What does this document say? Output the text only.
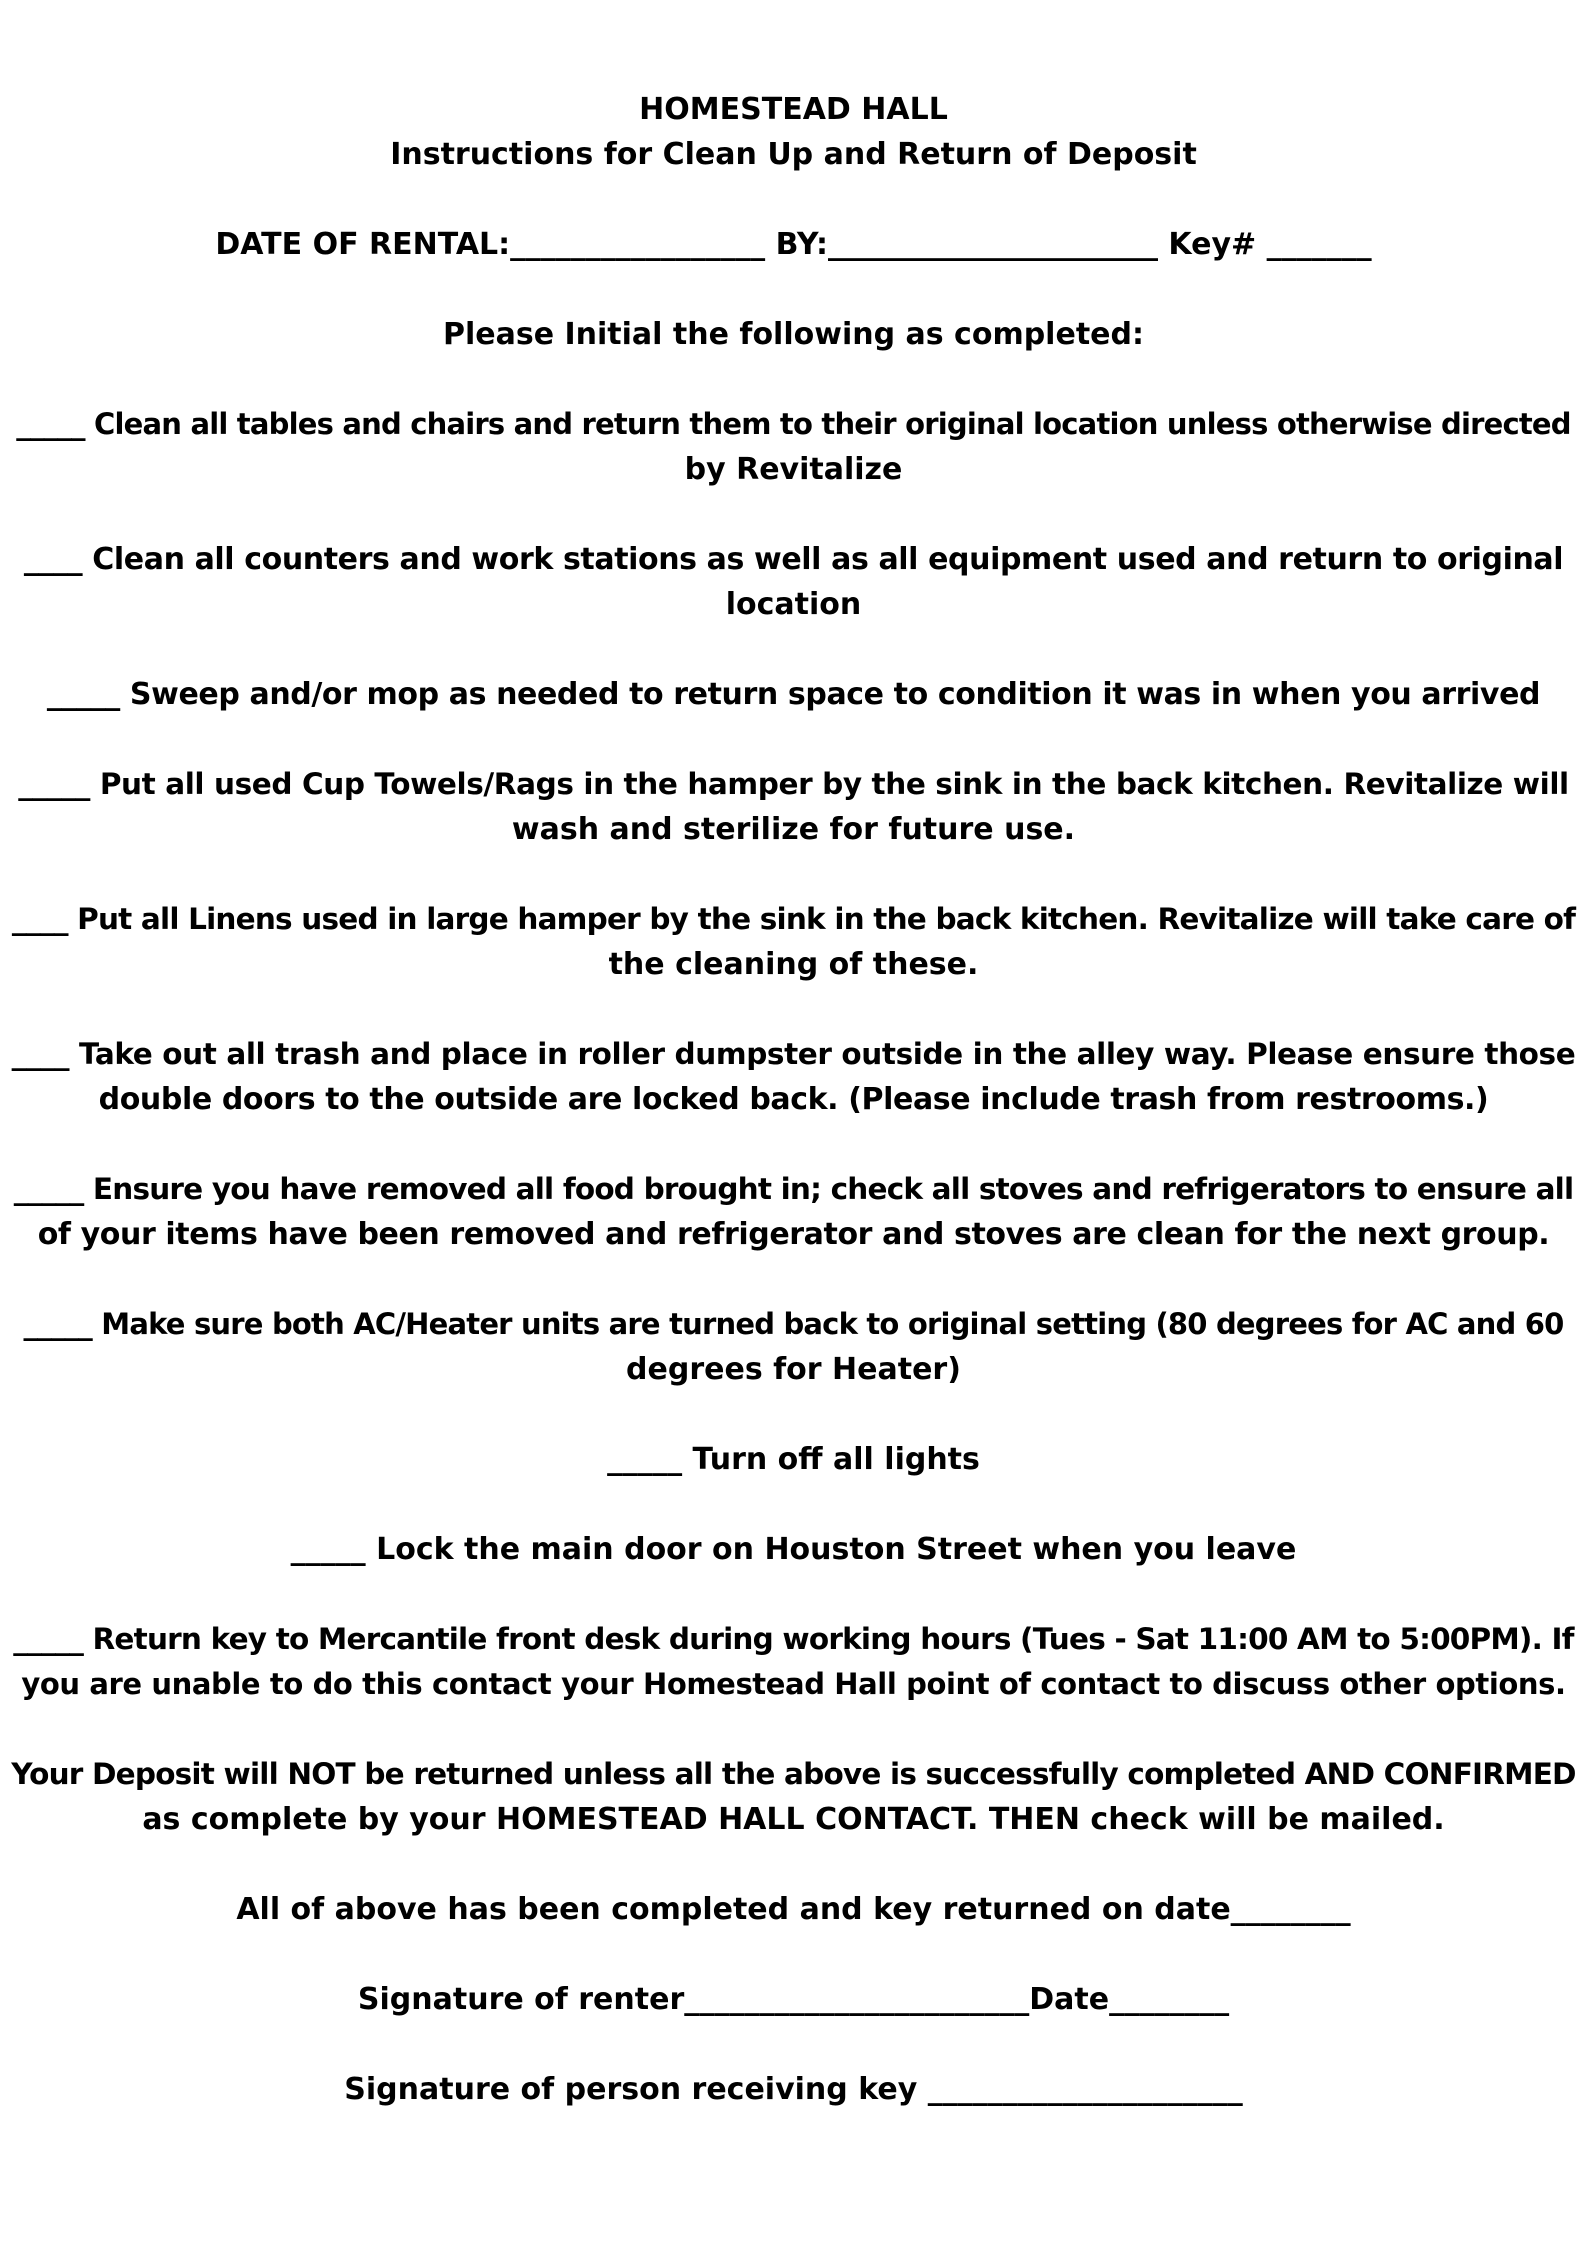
HOMESTEAD HALL
Instructions for Clean Up and Return of Deposit
DATE OF RENTAL:_________________ BY:______________________ Key# _______
Please Initial the following as completed:
_____ Clean all tables and chairs and return them to their original location unless otherwise directed
by Revitalize
____ Clean all counters and work stations as well as all equipment used and return to original
location
_____ Sweep and/or mop as needed to return space to condition it was in when you arrived
_____ Put all used Cup Towels/Rags in the hamper by the sink in the back kitchen. Revitalize will
wash and sterilize for future use.
____ Put all Linens used in large hamper by the sink in the back kitchen. Revitalize will take care of
the cleaning of these.
____ Take out all trash and place in roller dumpster outside in the alley way. Please ensure those
double doors to the outside are locked back. (Please include trash from restrooms.)
_____ Ensure you have removed all food brought in; check all stoves and refrigerators to ensure all
of your items have been removed and refrigerator and stoves are clean for the next group.
_____ Make sure both AC/Heater units are turned back to original setting (80 degrees for AC and 60
degrees for Heater)
_____ Turn off all lights
_____ Lock the main door on Houston Street when you leave
_____ Return key to Mercantile front desk during working hours (Tues - Sat 11:00 AM to 5:00PM). If
you are unable to do this contact your Homestead Hall point of contact to discuss other options.
Your Deposit will NOT be returned unless all the above is successfully completed AND CONFIRMED
as complete by your HOMESTEAD HALL CONTACT. THEN check will be mailed.
All of above has been completed and key returned on date________
Signature of renter_______________________Date________
Signature of person receiving key _____________________
